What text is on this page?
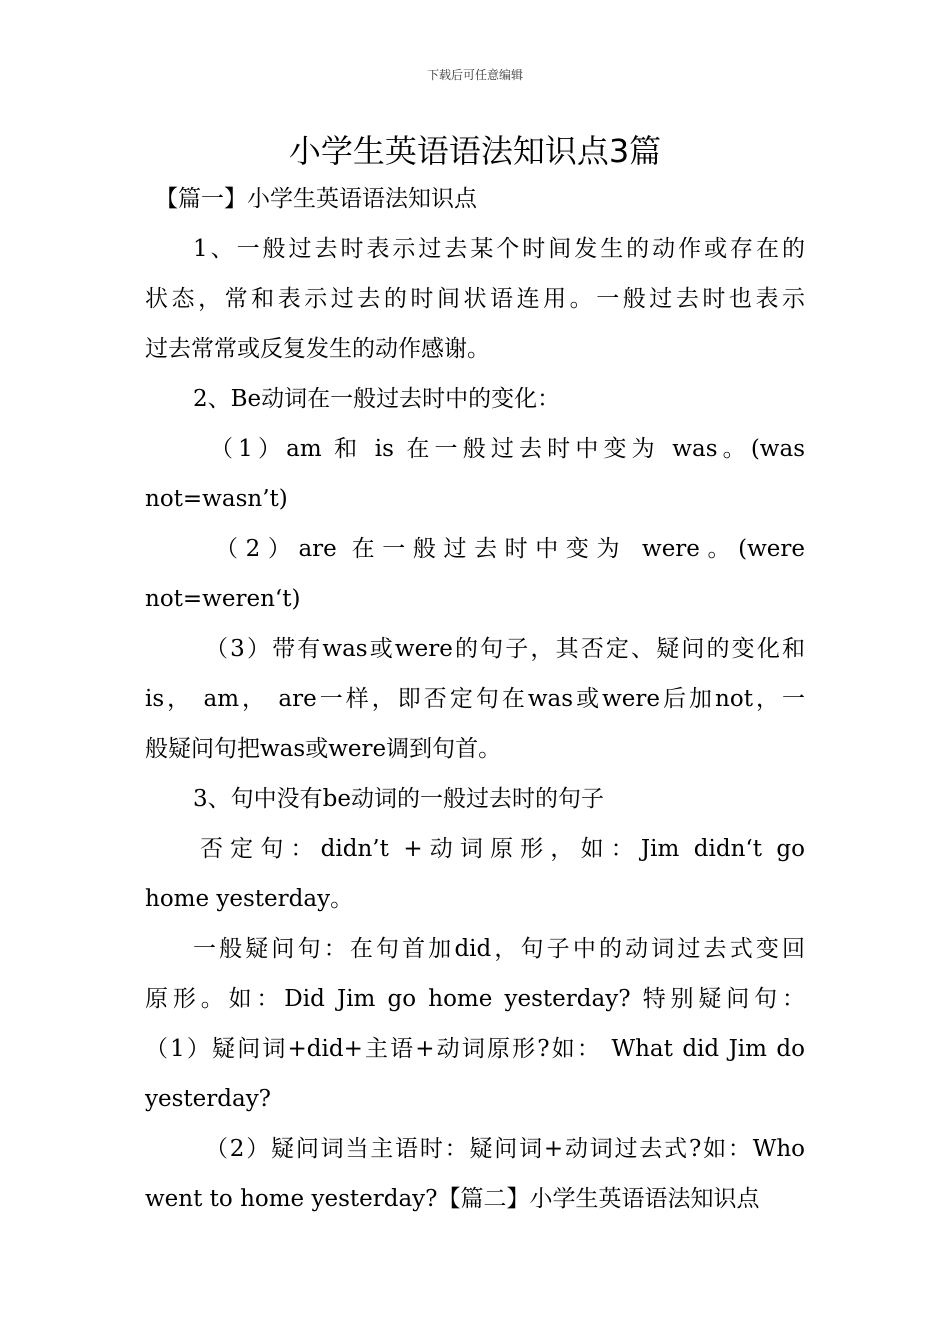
下载后可任意编辑
小学生英语语法知识点3篇
【篇一】小学生英语语法知识点
1、一般过去时表示过去某个时间发生的动作或存在的
状态，常和表示过去的时间状语连用。一般过去时也表示
过去常常或反复发生的动作感谢。
2、Be动词在一般过去时中的变化：
（1）am 和 is 在一般过去时中变为 was。(was
not=wasn’t)
（2）are 在一般过去时中变为 were。(were
not=weren‘t)
（3）带有was或were的句子，其否定、疑问的变化和
is， am， are一样，即否定句在was或were后加not，一
般疑问句把was或were调到句首。
3、句中没有be动词的一般过去时的句子
否定句：didn’t +动词原形，如：Jim didn‘t go
home yesterday。
一般疑问句：在句首加did，句子中的动词过去式变回
原形。如：Did Jim go home yesterday? 特别疑问句：
（1）疑问词+did+主语+动词原形?如： What did Jim do
yesterday?
（2）疑问词当主语时：疑问词+动词过去式?如：Who
went to home yesterday?【篇二】小学生英语语法知识点
